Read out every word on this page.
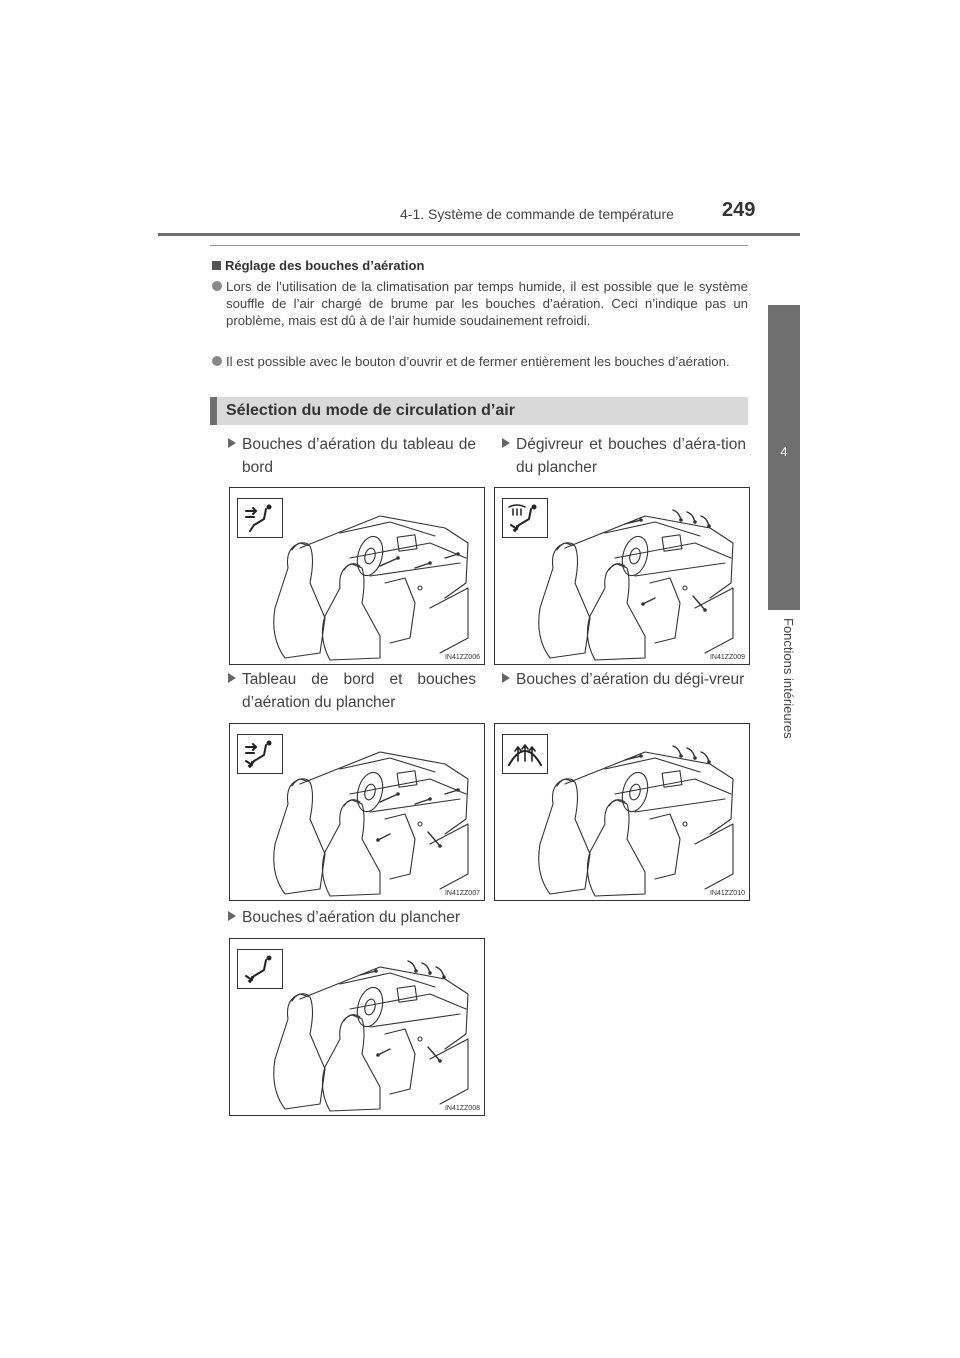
4-1. Système de commande de température 249
4
Fonctions intérieures
Réglage des bouches d’aération
Lors de l’utilisation de la climatisation par temps humide, il est possible que le système souffle de l’air chargé de brume par les bouches d’aération. Ceci n’indique pas un problème, mais est dû à de l’air humide soudainement refroidi.
Il est possible avec le bouton d’ouvrir et de fermer entièrement les bouches d’aération.
Sélection du mode de circulation d’air
Bouches d’aération du tableau de bord
Dégivreur et bouches d’aéra-tion du plancher
Tableau de bord et bouches d’aération du plancher
Bouches d’aération du dégi-vreur
Bouches d’aération du plancher
IN41ZZ006	IN41ZZ009
IN41ZZ007	IN41ZZ010
IN41ZZ008
